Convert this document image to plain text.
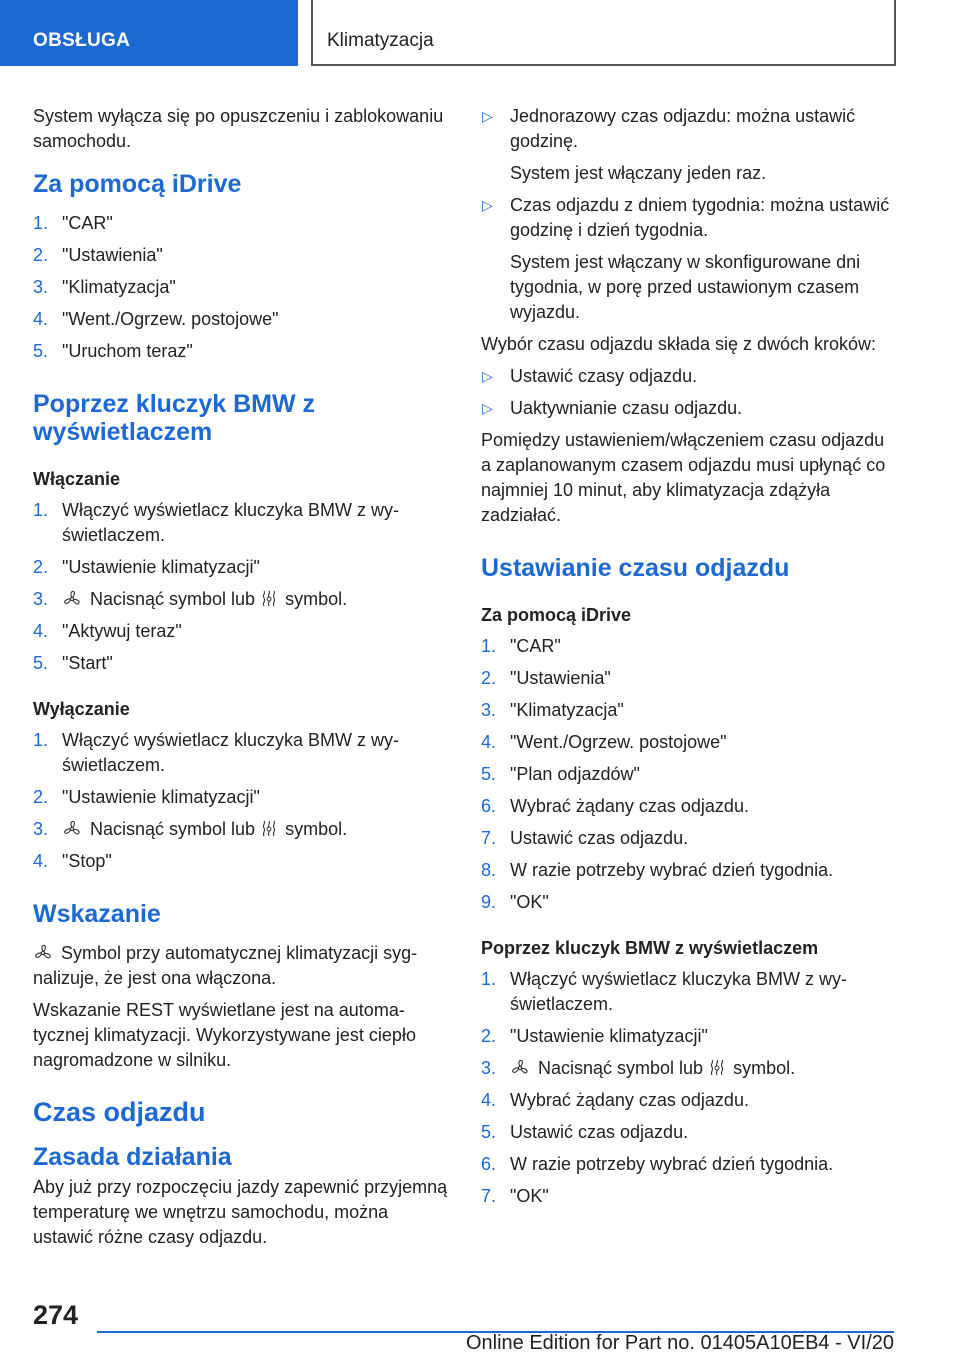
OBSŁUGA	Klimatyzacja

System wyłącza się po opuszczeniu i zablokowaniu samochodu.

Za pomocą iDrive
1. "CAR"
2. "Ustawienia"
3. "Klimatyzacja"
4. "Went./Ogrzew. postojowe"
5. "Uruchom teraz"
Poprzez kluczyk BMW z wyświetlaczem
Włączanie
1. Włączyć wyświetlacz kluczyka BMW z wyświetlaczem.
2. "Ustawienie klimatyzacji"
3. Nacisnąć symbol lub symbol.
4. "Aktywuj teraz"
5. "Start"
Wyłączanie
1. Włączyć wyświetlacz kluczyka BMW z wyświetlaczem.
2. "Ustawienie klimatyzacji"
3. Nacisnąć symbol lub symbol.
4. "Stop"
Wskazanie

Symbol przy automatycznej klimatyzacji sygnalizuje, że jest ona włączona.

Wskazanie REST wyświetlane jest na automatycznej klimatyzacji. Wykorzystywane jest ciepło nagromadzone w silniku.

Czas odjazdu
Zasada działania

Aby już przy rozpoczęciu jazdy zapewnić przyjemną temperaturę we wnętrzu samochodu, można ustawić różne czasy odjazdu.

▷ Jednorazowy czas odjazdu: można ustawić godzinę.
System jest włączany jeden raz.
▷ Czas odjazdu z dniem tygodnia: można ustawić godzinę i dzień tygodnia.
System jest włączany w skonfigurowane dni tygodnia, w porę przed ustawionym czasem wyjazdu.

Wybór czasu odjazdu składa się z dwóch kroków:

▷ Ustawić czasy odjazdu.
▷ Uaktywnianie czasu odjazdu.

Pomiędzy ustawieniem/włączeniem czasu odjazdu a zaplanowanym czasem odjazdu musi upłynąć co najmniej 10 minut, aby klimatyzacja zdążyła zadziałać.

Ustawianie czasu odjazdu
Za pomocą iDrive
1. "CAR"
2. "Ustawienia"
3. "Klimatyzacja"
4. "Went./Ogrzew. postojowe"
5. "Plan odjazdów"
6. Wybrać żądany czas odjazdu.
7. Ustawić czas odjazdu.
8. W razie potrzeby wybrać dzień tygodnia.
9. "OK"
Poprzez kluczyk BMW z wyświetlaczem
1. Włączyć wyświetlacz kluczyka BMW z wyświetlaczem.
2. "Ustawienie klimatyzacji"
3. Nacisnąć symbol lub symbol.
4. Wybrać żądany czas odjazdu.
5. Ustawić czas odjazdu.
6. W razie potrzeby wybrać dzień tygodnia.
7. "OK"
274
Online Edition for Part no. 01405A10EB4 - VI/20
